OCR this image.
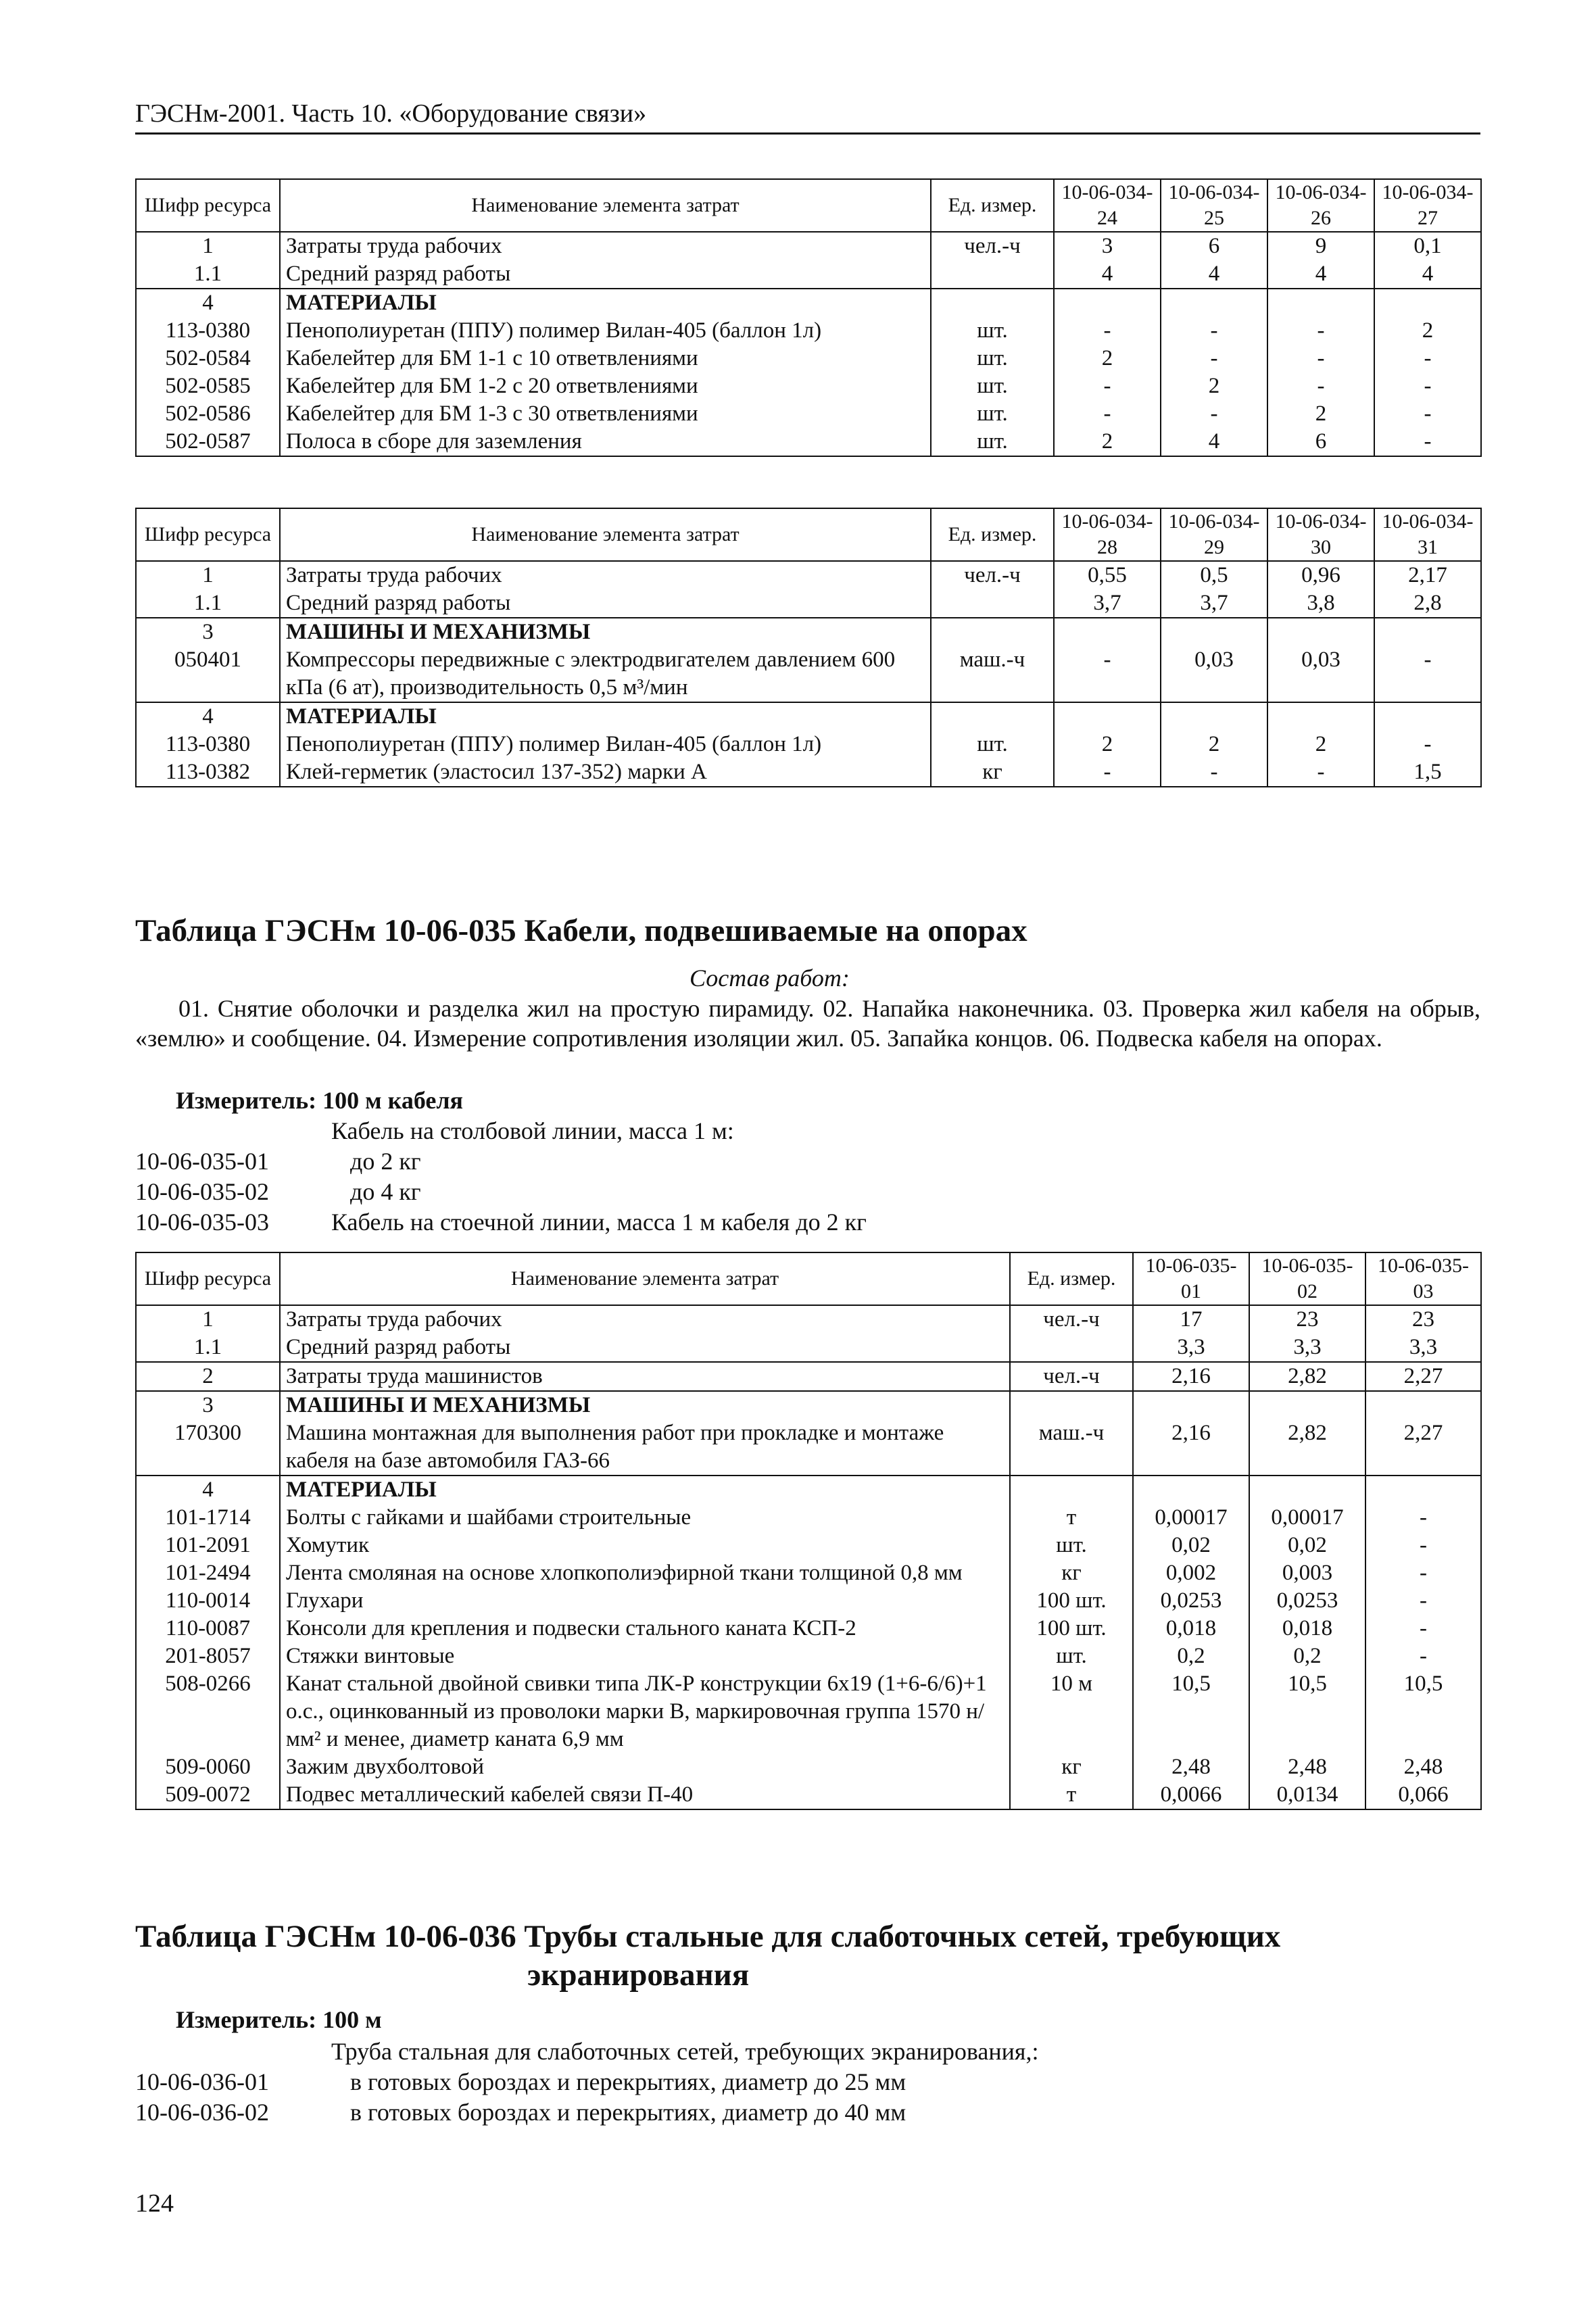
ГЭСНм-2001. Часть 10. «Оборудование связи»
Шифр ресурса	Наименование элемента затрат	Ед. измер.	10-06-034-24	10-06-034-25	10-06-034-26	10-06-034-27
1	Затраты труда рабочих	чел.-ч	3	6	9	0,1
1.1	Средний разряд работы		4	4	4	4
4	МАТЕРИАЛЫ					
113-0380	Пенополиуретан (ППУ) полимер Вилан-405 (баллон 1л)	шт.	-	-	-	2
502-0584	Кабелейтер для БМ 1-1 с 10 ответвлениями	шт.	2	-	-	-
502-0585	Кабелейтер для БМ 1-2 с 20 ответвлениями	шт.	-	2	-	-
502-0586	Кабелейтер для БМ 1-3 с 30 ответвлениями	шт.	-	-	2	-
502-0587	Полоса в сборе для заземления	шт.	2	4	6	-
Шифр ресурса	Наименование элемента затрат	Ед. измер.	10-06-034-28	10-06-034-29	10-06-034-30	10-06-034-31
1	Затраты труда рабочих	чел.-ч	0,55	0,5	0,96	2,17
1.1	Средний разряд работы		3,7	3,7	3,8	2,8
3	МАШИНЫ И МЕХАНИЗМЫ					
050401	Компрессоры передвижные с электродвигателем давлением 600 кПа (6 ат), производительность 0,5 м³/мин	маш.-ч	-	0,03	0,03	-
4	МАТЕРИАЛЫ					
113-0380	Пенополиуретан (ППУ) полимер Вилан-405 (баллон 1л)	шт.	2	2	2	-
113-0382	Клей-герметик (эластосил 137-352) марки А	кг	-	-	-	1,5
Таблица ГЭСНм 10-06-035 Кабели, подвешиваемые на опорах
Состав работ:
01. Снятие оболочки и разделка жил на простую пирамиду. 02. Напайка наконечника. 03. Проверка жил кабеля на обрыв, «землю» и сообщение. 04. Измерение сопротивления изоляции жил. 05. Запайка концов. 06. Подвеска кабеля на опорах.
Измеритель: 100 м кабеля
Кабель на столбовой линии, масса 1 м:
10-06-035-01	до 2 кг
10-06-035-02	до 4 кг
10-06-035-03	Кабель на стоечной линии, масса 1 м кабеля до 2 кг
Шифр ресурса	Наименование элемента затрат	Ед. измер.	10-06-035-01	10-06-035-02	10-06-035-03
1	Затраты труда рабочих	чел.-ч	17	23	23
1.1	Средний разряд работы		3,3	3,3	3,3
2	Затраты труда машинистов	чел.-ч	2,16	2,82	2,27
3	МАШИНЫ И МЕХАНИЗМЫ				
170300	Машина монтажная для выполнения работ при прокладке и монтаже кабеля на базе автомобиля ГАЗ-66	маш.-ч	2,16	2,82	2,27
4	МАТЕРИАЛЫ				
101-1714	Болты с гайками и шайбами строительные	т	0,00017	0,00017	-
101-2091	Хомутик	шт.	0,02	0,02	-
101-2494	Лента смоляная на основе хлопкополиэфирной ткани толщиной 0,8 мм	кг	0,002	0,003	-
110-0014	Глухари	100 шт.	0,0253	0,0253	-
110-0087	Консоли для крепления и подвески стального каната КСП-2	100 шт.	0,018	0,018	-
201-8057	Стяжки винтовые	шт.	0,2	0,2	-
508-0266	Канат стальной двойной свивки типа ЛК-Р конструкции 6х19 (1+6-6/6)+1 о.с., оцинкованный из проволоки марки В, маркировочная группа 1570 н/мм² и менее, диаметр каната 6,9 мм	10 м	10,5	10,5	10,5
509-0060	Зажим двухболтовой	кг	2,48	2,48	2,48
509-0072	Подвес металлический кабелей связи П-40	т	0,0066	0,0134	0,066
Таблица ГЭСНм 10-06-036 Трубы стальные для слаботочных сетей, требующих
экранирования
Измеритель: 100 м
Труба стальная для слаботочных сетей, требующих экранирования,:
10-06-036-01	в готовых бороздах и перекрытиях, диаметр до 25 мм
10-06-036-02	в готовых бороздах и перекрытиях, диаметр до 40 мм
124
